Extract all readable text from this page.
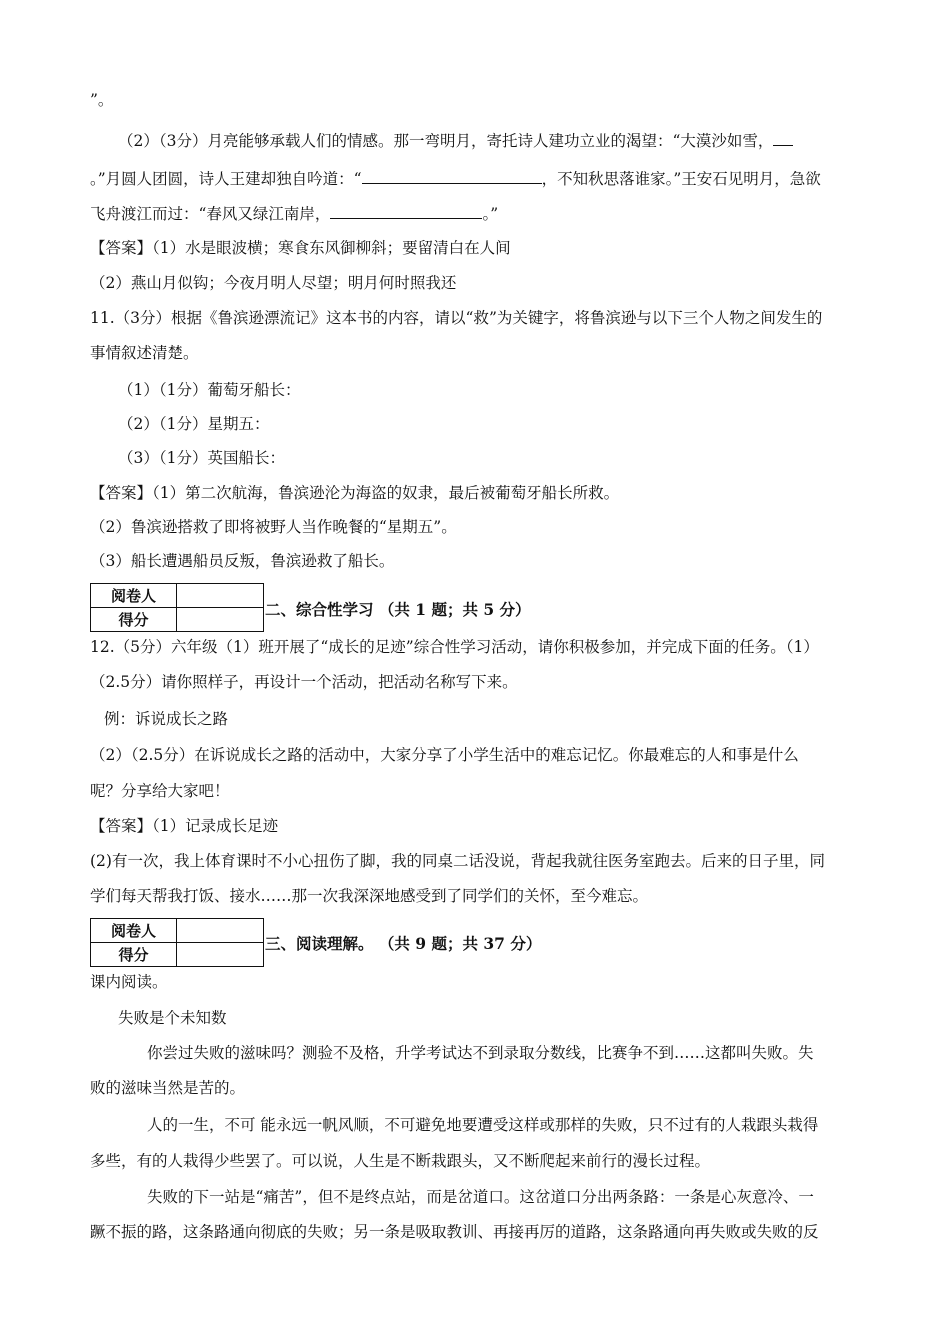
”。
（2）（3分）月亮能够承载人们的情感。那一弯明月，寄托诗人建功立业的渴望：“大漠沙如雪，
。”月圆人团圆，诗人王建却独自吟道：“	，不知秋思落谁家。”王安石见明月，急欲
飞舟渡江而过：“春风又绿江南岸，	。”
【答案】（1）水是眼波横；寒食东风御柳斜；要留清白在人间
（2）燕山月似钩；今夜月明人尽望；明月何时照我还
11.（3分）根据《鲁滨逊漂流记》这本书的内容，请以“救”为关键字，将鲁滨逊与以下三个人物之间发生的
事情叙述清楚。
（1）（1分）葡萄牙船长：
（2）（1分）星期五：
（3）（1分）英国船长：
【答案】（1）第二次航海，鲁滨逊沦为海盗的奴隶，最后被葡萄牙船长所救。
（2）鲁滨逊搭救了即将被野人当作晚餐的“星期五”。
（3）船长遭遇船员反叛，鲁滨逊救了船长。
阅卷人	
得分	
二、综合性学习 （共 1 题；共 5 分）
12.（5分）六年级（1）班开展了“成长的足迹”综合性学习活动，请你积极参加，并完成下面的任务。（1）
（2.5分）请你照样子，再设计一个活动，把活动名称写下来。
例：诉说成长之路
（2）（2.5分）在诉说成长之路的活动中，大家分享了小学生活中的难忘记忆。你最难忘的人和事是什么
呢？分享给大家吧！
【答案】（1）记录成长足迹
(2)有一次，我上体育课时不小心扭伤了脚，我的同桌二话没说，背起我就往医务室跑去。后来的日子里，同
学们每天帮我打饭、接水……那一次我深深地感受到了同学们的关怀，至今难忘。
阅卷人	
得分	
三、阅读理解。 （共 9 题；共 37 分）
课内阅读。
失败是个未知数
你尝过失败的滋味吗？测验不及格，升学考试达不到录取分数线，比赛争不到……这都叫失败。失
败的滋味当然是苦的。
人的一生，不可 能永远一帆风顺，不可避免地要遭受这样或那样的失败，只不过有的人栽跟头栽得
多些，有的人栽得少些罢了。可以说，人生是不断栽跟头，又不断爬起来前行的漫长过程。
失败的下一站是“痛苦”，但不是终点站，而是岔道口。这岔道口分出两条路：一条是心灰意冷、一
蹶不振的路，这条路通向彻底的失败；另一条是吸取教训、再接再厉的道路，这条路通向再失败或失败的反
